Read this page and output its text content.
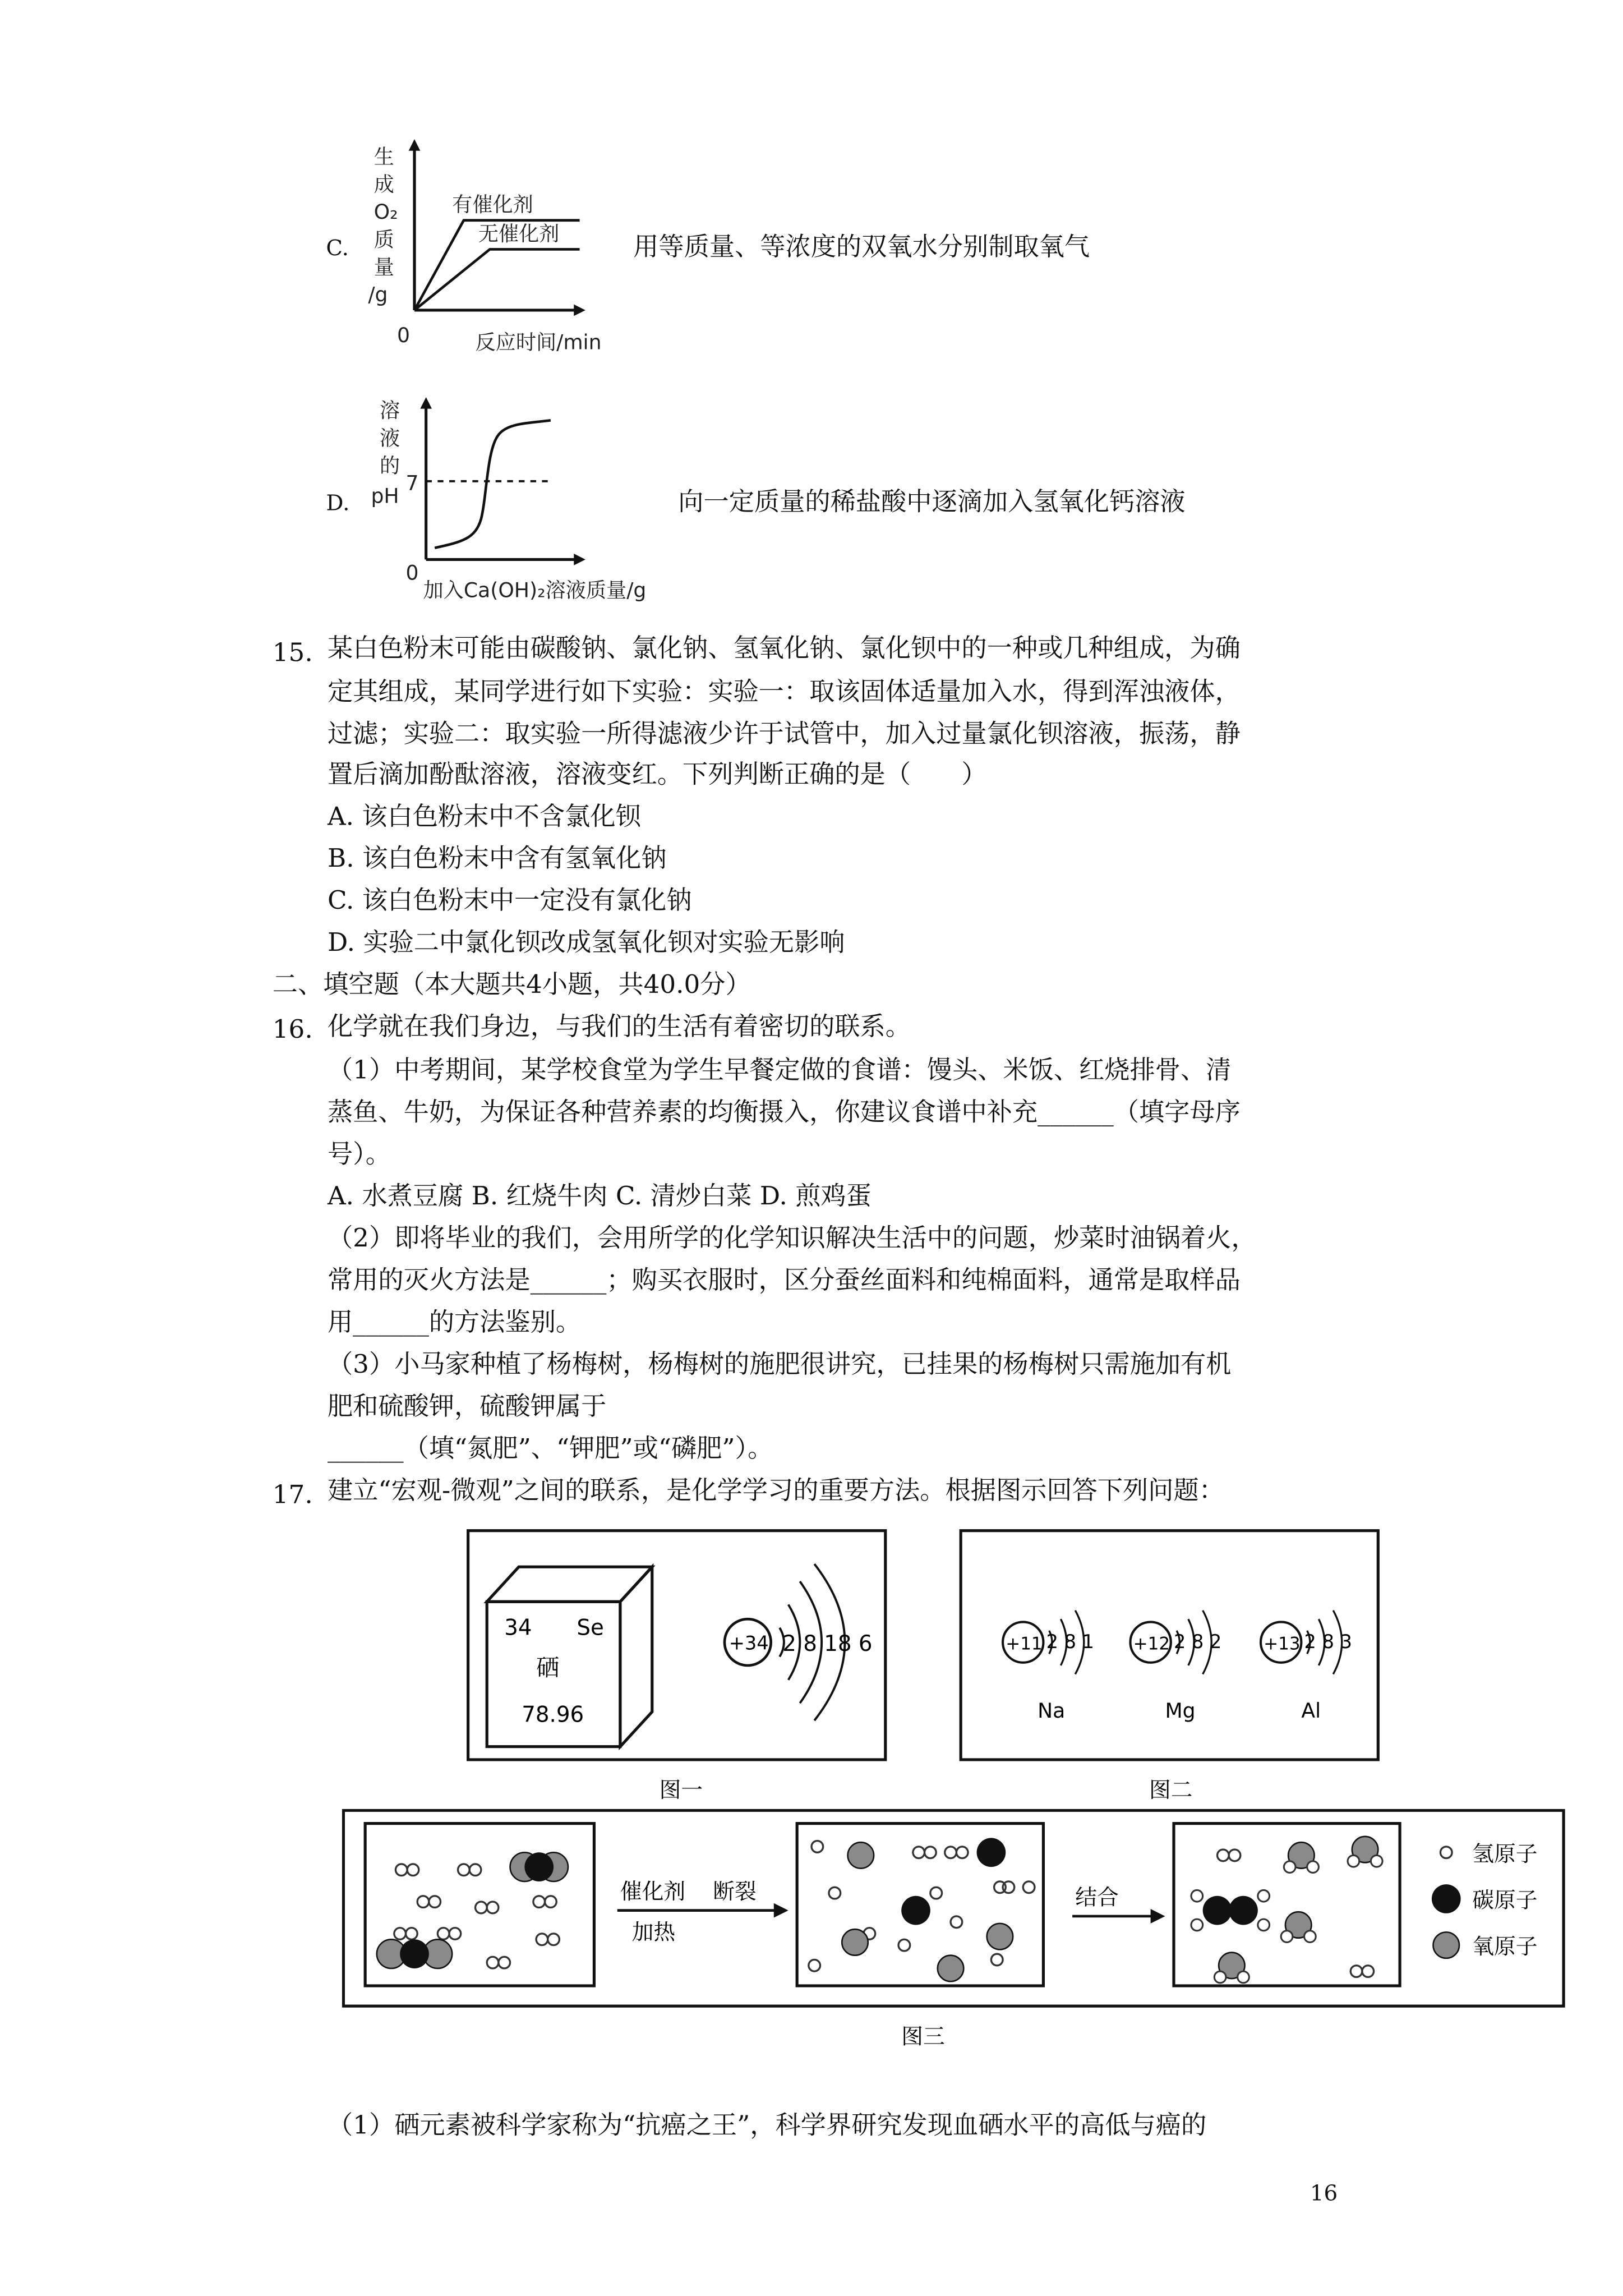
C.
生
成
O₂
质
量
/g
有催化剂
无催化剂
0	反应时间/min
用等质量、等浓度的双氧水分别制取氧气
D.
溶
液
的
pH
7
0
加入Ca(OH)₂溶液质量/g
向一定质量的稀盐酸中逐滴加入氢氧化钙溶液
15. 某白色粉末可能由碳酸钠、氯化钠、氢氧化钠、氯化钡中的一种或几种组成，为确
定其组成，某同学进行如下实验：实验一：取该固体适量加入水，得到浑浊液体，
过滤；实验二：取实验一所得滤液少许于试管中，加入过量氯化钡溶液，振荡，静
置后滴加酚酞溶液，溶液变红。下列判断正确的是（　　）
A. 该白色粉末中不含氯化钡
B. 该白色粉末中含有氢氧化钠
C. 该白色粉末中一定没有氯化钠
D. 实验二中氯化钡改成氢氧化钡对实验无影响
二、填空题（本大题共4小题，共40.0分）
16. 化学就在我们身边，与我们的生活有着密切的联系。
（1）中考期间，某学校食堂为学生早餐定做的食谱：馒头、米饭、红烧排骨、清
蒸鱼、牛奶，为保证各种营养素的均衡摄入，你建议食谱中补充______（填字母序
号）。
A. 水煮豆腐 B. 红烧牛肉 C. 清炒白菜 D. 煎鸡蛋
（2）即将毕业的我们，会用所学的化学知识解决生活中的问题，炒菜时油锅着火，
常用的灭火方法是______；购买衣服时，区分蚕丝面料和纯棉面料，通常是取样品
用______的方法鉴别。
（3）小马家种植了杨梅树，杨梅树的施肥很讲究，已挂果的杨梅树只需施加有机
肥和硫酸钾，硫酸钾属于
______（填“氮肥”、“钾肥”或“磷肥”）。
17. 建立“宏观-微观”之间的联系，是化学学习的重要方法。根据图示回答下列问题：
34	Se
硒
78.96
+34 2 8 18 6
图一
+11 2 8 1
Na
+12 2 8 2
Mg
+13 2 8 3
Al
图二
催化剂
加热
断裂	结合
氢原子
碳原子
氧原子
图三
（1）硒元素被科学家称为“抗癌之王”，科学界研究发现血硒水平的高低与癌的
16
